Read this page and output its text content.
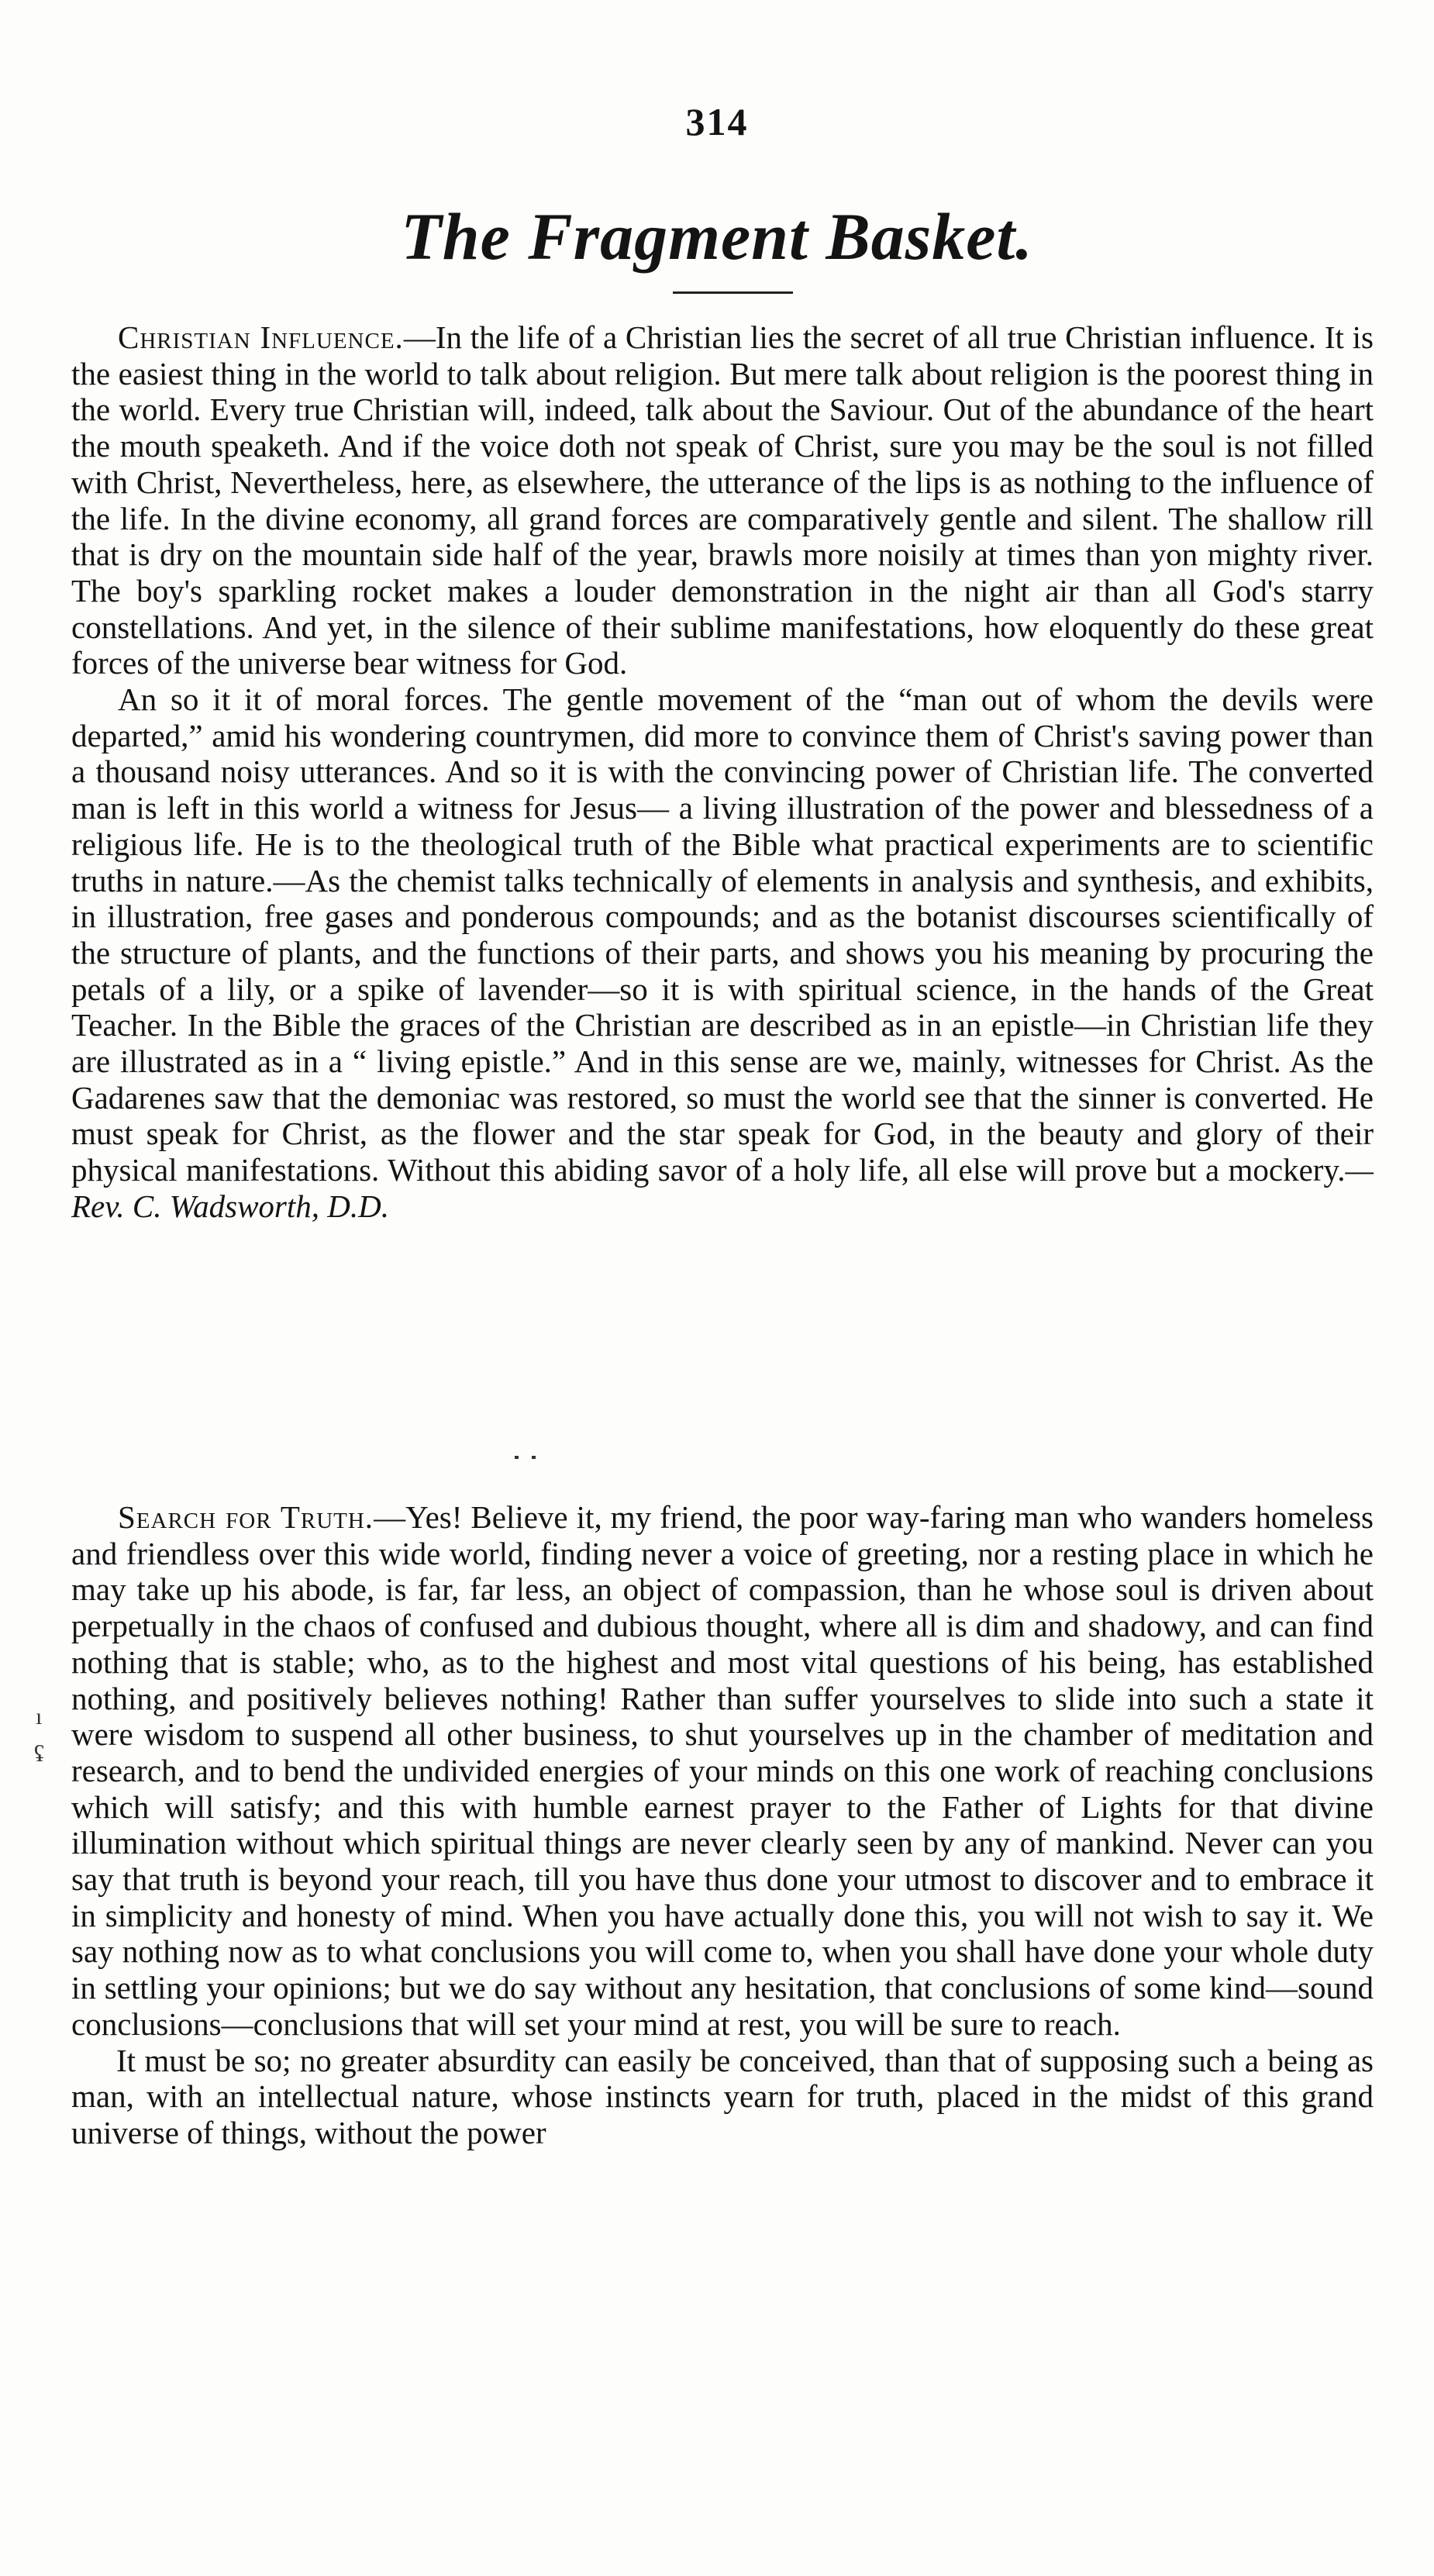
314
The Fragment Basket.

Christian Influence.—In the life of a Christian lies the secret of all true Christian influence. It is the easiest thing in the world to talk about religion. But mere talk about religion is the poorest thing in the world. Every true Christian will, indeed, talk about the Saviour. Out of the abundance of the heart the mouth speaketh. And if the voice doth not speak of Christ, sure you may be the soul is not filled with Christ, Nevertheless, here, as elsewhere, the utterance of the lips is as nothing to the influence of the life. In the divine economy, all grand forces are comparatively gentle and silent. The shallow rill that is dry on the mountain side half of the year, brawls more noisily at times than yon mighty river. The boy's sparkling rocket makes a louder demonstration in the night air than all God's starry constellations. And yet, in the silence of their sublime manifestations, how eloquently do these great forces of the universe bear witness for God.

An so it it of moral forces. The gentle movement of the “man out of whom the devils were departed,” amid his wondering countrymen, did more to convince them of Christ's saving power than a thousand noisy utterances. And so it is with the convincing power of Christian life. The converted man is left in this world a witness for Jesus— a living illustration of the power and blessedness of a religious life. He is to the theological truth of the Bible what practical experiments are to scientific truths in nature.—As the chemist talks technically of elements in analysis and synthesis, and exhibits, in illustration, free gases and ponderous compounds; and as the botanist discourses scientifically of the structure of plants, and the functions of their parts, and shows you his meaning by procuring the petals of a lily, or a spike of lavender—so it is with spiritual science, in the hands of the Great Teacher. In the Bible the graces of the Christian are described as in an epistle—in Christian life they are illustrated as in a “ living epistle.” And in this sense are we, mainly, witnesses for Christ. As the Gadarenes saw that the demoniac was restored, so must the world see that the sinner is converted. He must speak for Christ, as the flower and the star speak for God, in the beauty and glory of their physical manifestations. Without this abiding savor of a holy life, all else will prove but a mockery.—Rev. C. Wadsworth, D.D.

ı
ʢ

Search for Truth.—Yes! Believe it, my friend, the poor way-faring man who wanders homeless and friendless over this wide world, finding never a voice of greeting, nor a resting place in which he may take up his abode, is far, far less, an object of compassion, than he whose soul is driven about perpetually in the chaos of confused and dubious thought, where all is dim and shadowy, and can find nothing that is stable; who, as to the highest and most vital questions of his being, has established nothing, and positively believes nothing! Rather than suffer yourselves to slide into such a state it were wisdom to suspend all other business, to shut yourselves up in the chamber of meditation and research, and to bend the undivided energies of your minds on this one work of reaching conclusions which will satisfy; and this with humble earnest prayer to the Father of Lights for that divine illumination without which spiritual things are never clearly seen by any of mankind. Never can you say that truth is beyond your reach, till you have thus done your utmost to discover and to embrace it in simplicity and honesty of mind. When you have actually done this, you will not wish to say it. We say nothing now as to what conclusions you will come to, when you shall have done your whole duty in settling your opinions; but we do say without any hesitation, that conclusions of some kind—sound conclusions—conclusions that will set your mind at rest, you will be sure to reach.

It must be so; no greater absurdity can easily be conceived, than that of supposing such a being as man, with an intellectual nature, whose instincts yearn for truth, placed in the midst of this grand universe of things, without the power
